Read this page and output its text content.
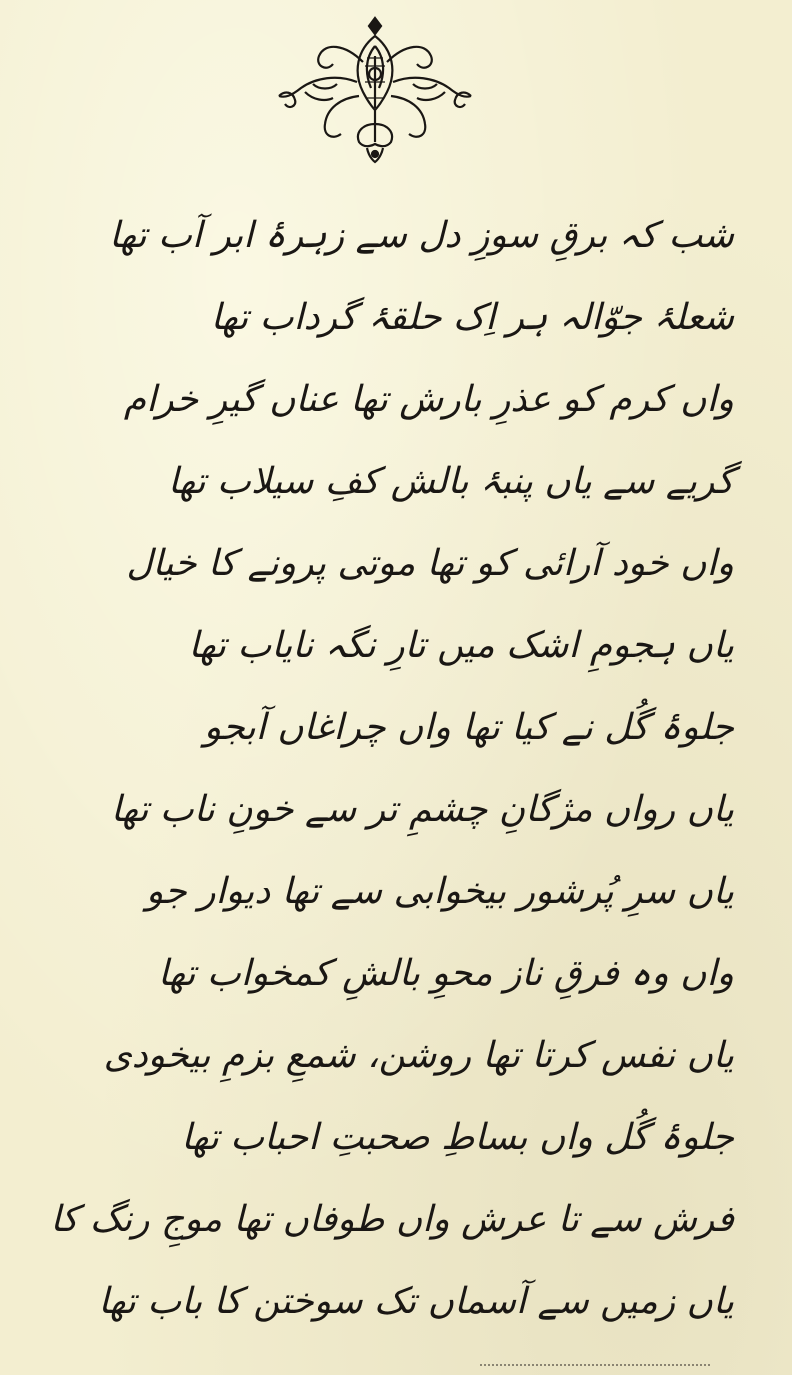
شب کہ برقِ سوزِ دل سے زہرۂ ابر آب تھا
شعلۂ جوّالہ ہر اِک حلقۂ گرداب تھا
واں کرم کو عذرِ بارش تھا عناں گیرِ خرام
گریے سے یاں پنبۂ بالش کفِ سیلاب تھا
واں خود آرائی کو تھا موتی پرونے کا خیال
یاں ہجومِ اشک میں تارِ نگہ نایاب تھا
جلوۂ گُل نے کیا تھا واں چراغاں آبجو
یاں رواں مژگانِ چشمِ تر سے خونِ ناب تھا
یاں سرِ پُرشور بیخوابی سے تھا دیوار جو
واں وہ فرقِ ناز محوِ بالشِ کمخواب تھا
یاں نفس کرتا تھا روشن، شمعِ بزمِ بیخودی
جلوۂ گُل واں بساطِ صحبتِ احباب تھا
فرش سے تا عرش واں طوفاں تھا موجِ رنگ کا
یاں زمیں سے آسماں تک سوختن کا باب تھا
